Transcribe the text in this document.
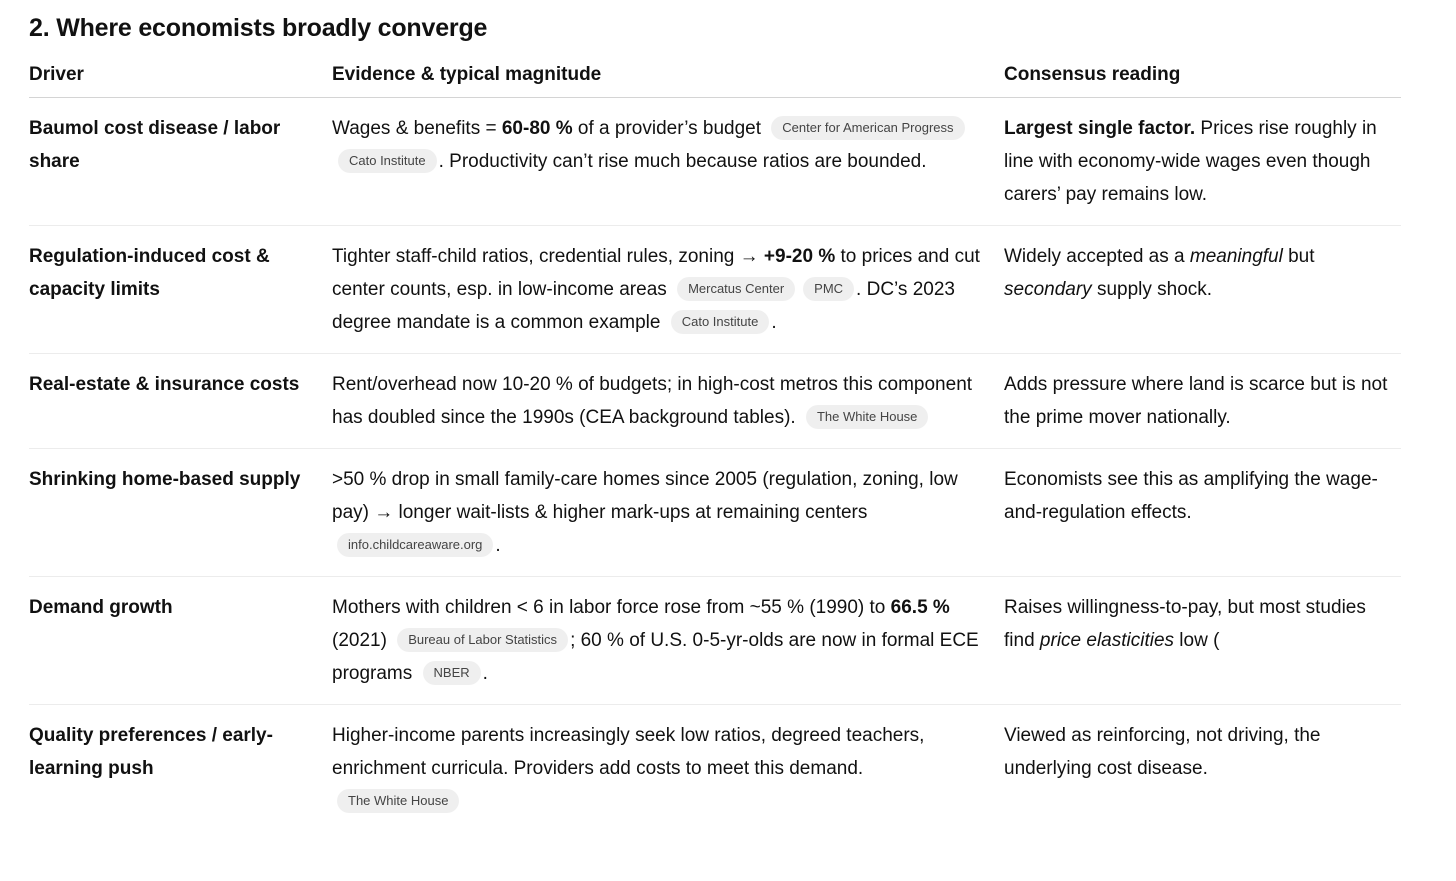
2. Where economists broadly converge
Driver	Evidence & typical magnitude	Consensus reading
Baumol cost disease / labor share	Wages & benefits = 60-80 % of a provider’s budget Center for American ProgressCato Institute . Productivity can’t rise much because ratios are bounded.	Largest single factor. Prices rise roughly in line with economy-wide wages even though carers’ pay remains low.
Regulation-induced cost & capacity limits	Tighter staff-child ratios, credential rules, zoning → +9-20 % to prices and cut center counts, esp. in low-income areas Mercatus Center PMC . DC’s 2023 degree mandate is a common example Cato Institute .	Widely accepted as a meaningful but secondary supply shock.
Real-estate & insurance costs	Rent/overhead now 10-20 % of budgets; in high-cost metros this component has doubled since the 1990s (CEA background tables). The White House	Adds pressure where land is scarce but is not the prime mover nationally.
Shrinking home-based supply	>50 % drop in small family-care homes since 2005 (regulation, zoning, low pay) → longer wait-lists & higher mark-ups at remaining centers info.childcareaware.org .	Economists see this as amplifying the wage-and-regulation effects.
Demand growth	Mothers with children < 6 in labor force rose from ~55 % (1990) to 66.5 % (2021) Bureau of Labor Statistics ; 60 % of U.S. 0-5-yr-olds are now in formal ECE programs NBER .	Raises willingness-to-pay, but most studies find price elasticities low (
Quality preferences / early-learning push	Higher-income parents increasingly seek low ratios, degreed teachers, enrichment curricula. Providers add costs to meet this demand. The White House	Viewed as reinforcing, not driving, the underlying cost disease.
